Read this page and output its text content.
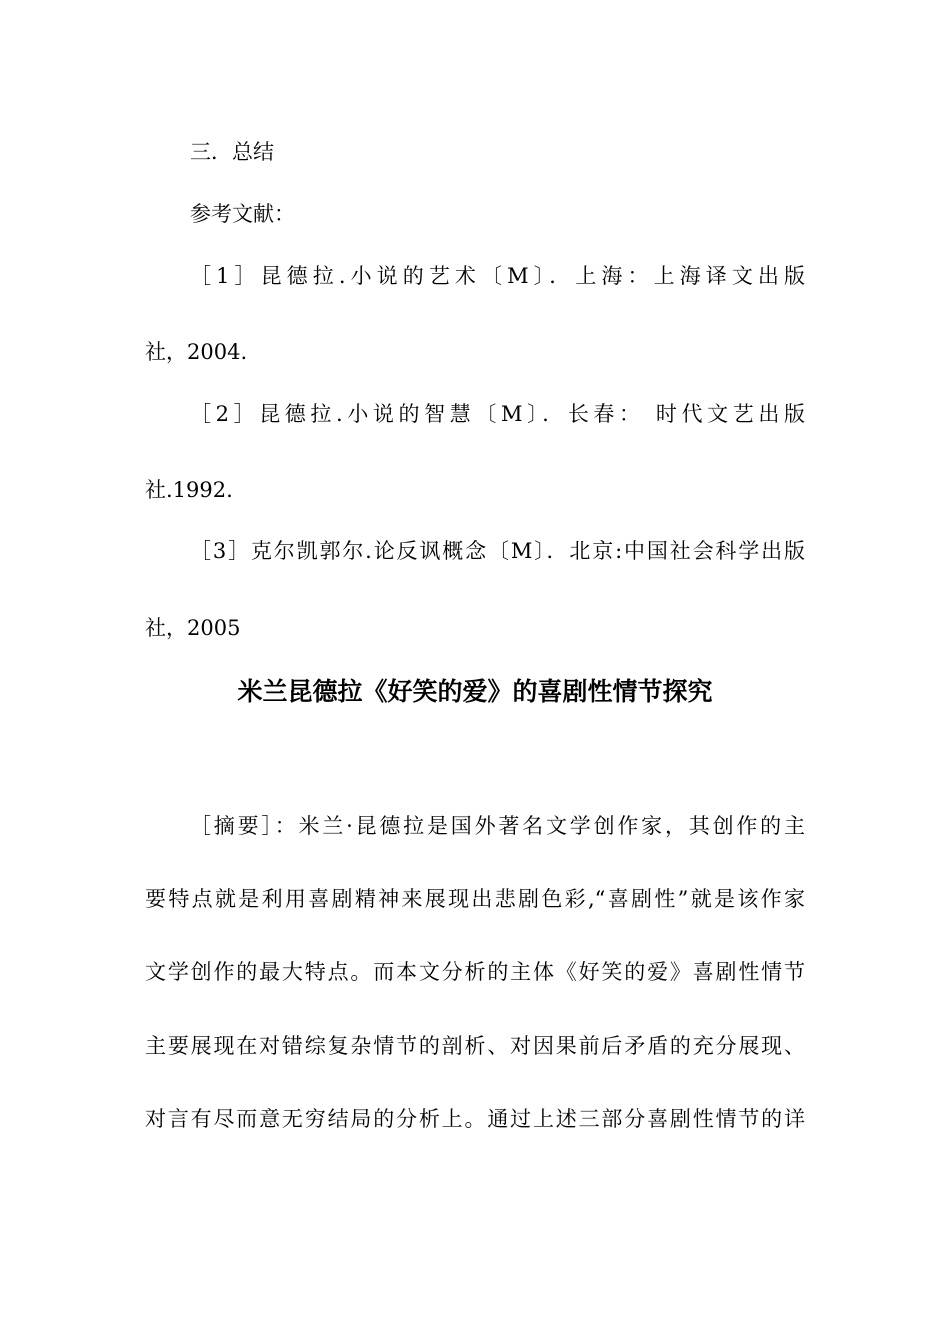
三．总结
参考文献：
［1］昆德拉.小说的艺术〔M〕．上海：上海译文出版
社，2004.
［2］昆德拉.小说的智慧〔M〕．长春： 时代文艺出版
社.1992.
［3］克尔凯郭尔.论反讽概念〔M〕．北京:中国社会科学出版
社，2005
米兰昆德拉《好笑的爱》的喜剧性情节探究
［摘要］：米兰·昆德拉是国外著名文学创作家，其创作的主
要特点就是利用喜剧精神来展现出悲剧色彩,“喜剧性”就是该作家
文学创作的最大特点。而本文分析的主体《好笑的爱》喜剧性情节
主要展现在对错综复杂情节的剖析、对因果前后矛盾的充分展现、
对言有尽而意无穷结局的分析上。通过上述三部分喜剧性情节的详
